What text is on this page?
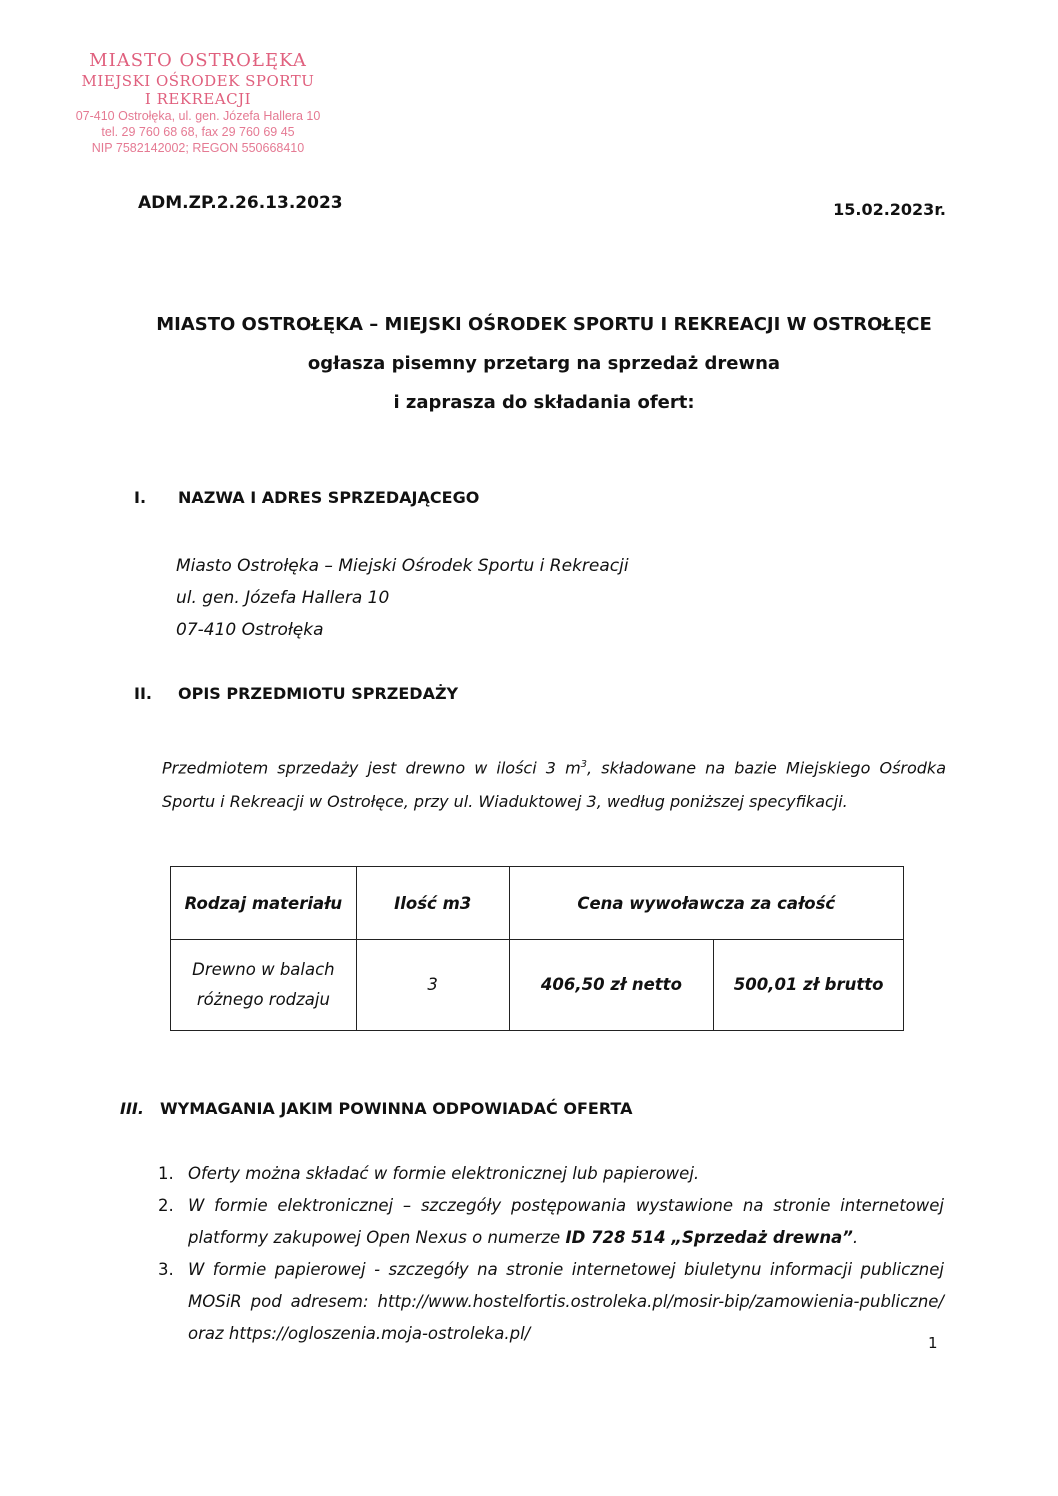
MIASTO OSTROŁĘKA
MIEJSKI OŚRODEK SPORTU
I REKREACJI
07-410 Ostrołęka, ul. gen. Józefa Hallera 10
tel. 29 760 68 68, fax 29 760 69 45
NIP 7582142002; REGON 550668410
ADM.ZP.2.26.13.2023	15.02.2023r.
MIASTO OSTROŁĘKA – MIEJSKI OŚRODEK SPORTU I REKREACJI W OSTROŁĘCE
ogłasza pisemny przetarg na sprzedaż drewna
i zaprasza do składania ofert:
I. NAZWA I ADRES SPRZEDAJĄCEGO
Miasto Ostrołęka – Miejski Ośrodek Sportu i Rekreacji
ul. gen. Józefa Hallera 10
07-410 Ostrołęka
II. OPIS PRZEDMIOTU SPRZEDAŻY
Przedmiotem sprzedaży jest drewno w ilości 3 $m^3$, składowane na bazie Miejskiego Ośrodka Sportu i Rekreacji w Ostrołęce, przy ul. Wiaduktowej 3, według poniższej specyfikacji.
Rodzaj materiału	Ilość m3	Cena wywoławcza za całość	

Drewno w balach
różnego rodzaju	3	406,50 zł netto	500,01 zł brutto
III. WYMAGANIA JAKIM POWINNA ODPOWIADAĆ OFERTA
1. Oferty można składać w formie elektronicznej lub papierowej.
2. W formie elektronicznej – szczegóły postępowania wystawione na stronie internetowej platformy zakupowej Open Nexus o numerze ID 728 514 „Sprzedaż drewna”.
3. W formie papierowej - szczegóły na stronie internetowej biuletynu informacji publicznej MOSiR pod adresem: http://www.hostelfortis.ostroleka.pl/mosir-bip/zamowienia-publiczne/ oraz https://ogloszenia.moja-ostroleka.pl/	1
